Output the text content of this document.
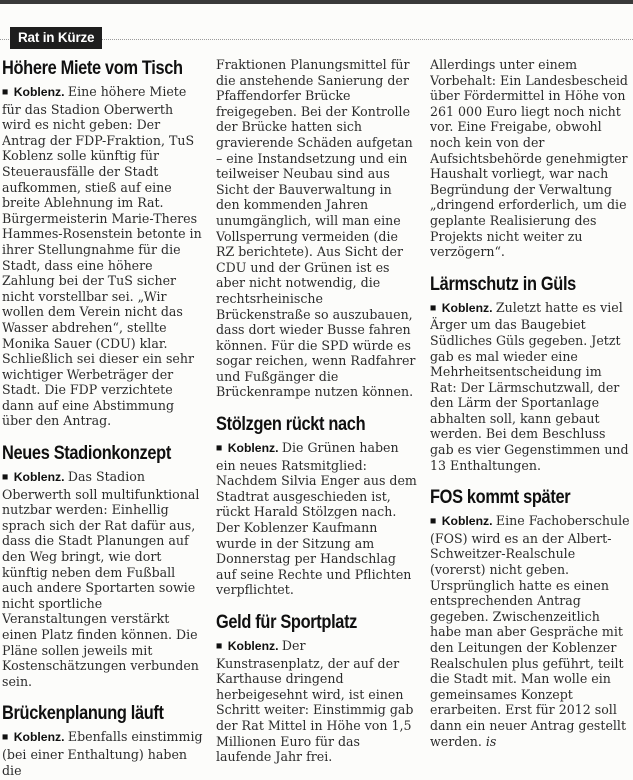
Rat in Kürze
Höhere Miete vom Tisch

■ Koblenz. Eine höhere Miete für das Stadion Oberwerth wird es nicht geben: Der Antrag der FDP-Fraktion, TuS Koblenz solle künftig für Steuerausfälle der Stadt aufkommen, stieß auf eine breite Ablehnung im Rat. Bürgermeisterin Marie-Theres Hammes-Rosenstein betonte in ihrer Stellungnahme für die Stadt, dass eine höhere Zahlung bei der TuS sicher nicht vorstellbar sei. „Wir wollen dem Verein nicht das Wasser abdrehen“, stellte Monika Sauer (CDU) klar. Schließlich sei dieser ein sehr wichtiger Werbeträger der Stadt. Die FDP verzichtete dann auf eine Abstimmung über den Antrag.

Neues Stadionkonzept

■ Koblenz. Das Stadion Oberwerth soll multifunktional nutzbar werden: Einhellig sprach sich der Rat dafür aus, dass die Stadt Planungen auf den Weg bringt, wie dort künftig neben dem Fußball auch andere Sportarten sowie nicht sportliche Veranstaltungen verstärkt einen Platz finden können. Die Pläne sollen jeweils mit Kostenschätzungen verbunden sein.

Brückenplanung läuft

■ Koblenz. Ebenfalls einstimmig (bei einer Enthaltung) haben die

Fraktionen Planungsmittel für die anstehende Sanierung der Pfaffendorfer Brücke freigegeben. Bei der Kontrolle der Brücke hatten sich gravierende Schäden aufgetan – eine Instandsetzung und ein teilweiser Neubau sind aus Sicht der Bauverwaltung in den kommenden Jahren unumgänglich, will man eine Vollsperrung vermeiden (die RZ berichtete). Aus Sicht der CDU und der Grünen ist es aber nicht notwendig, die rechtsrheinische Brückenstraße so auszubauen, dass dort wieder Busse fahren können. Für die SPD würde es sogar reichen, wenn Radfahrer und Fußgänger die Brückenrampe nutzen können.

Stölzgen rückt nach

■ Koblenz. Die Grünen haben ein neues Ratsmitglied: Nachdem Silvia Enger aus dem Stadtrat ausgeschieden ist, rückt Harald Stölzgen nach. Der Koblenzer Kaufmann wurde in der Sitzung am Donnerstag per Handschlag auf seine Rechte und Pflichten verpflichtet.

Geld für Sportplatz

■ Koblenz. Der Kunstrasenplatz, der auf der Karthause dringend herbeigesehnt wird, ist einen Schritt weiter: Einstimmig gab der Rat Mittel in Höhe von 1,5 Millionen Euro für das laufende Jahr frei.

Allerdings unter einem Vorbehalt: Ein Landesbescheid über Fördermittel in Höhe von 261 000 Euro liegt noch nicht vor. Eine Freigabe, obwohl noch kein von der Aufsichtsbehörde genehmigter Haushalt vorliegt, war nach Begründung der Verwaltung „dringend erforderlich, um die geplante Realisierung des Projekts nicht weiter zu verzögern“.

Lärmschutz in Güls

■ Koblenz. Zuletzt hatte es viel Ärger um das Baugebiet Südliches Güls gegeben. Jetzt gab es mal wieder eine Mehrheitsentscheidung im Rat: Der Lärmschutzwall, der den Lärm der Sportanlage abhalten soll, kann gebaut werden. Bei dem Beschluss gab es vier Gegenstimmen und 13 Enthaltungen.

FOS kommt später

■ Koblenz. Eine Fachoberschule (FOS) wird es an der Albert-Schweitzer-Realschule (vorerst) nicht geben. Ursprünglich hatte es einen entsprechenden Antrag gegeben. Zwischenzeitlich habe man aber Gespräche mit den Leitungen der Koblenzer Realschulen plus geführt, teilt die Stadt mit. Man wolle ein gemeinsames Konzept erarbeiten. Erst für 2012 soll dann ein neuer Antrag gestellt werden. is
